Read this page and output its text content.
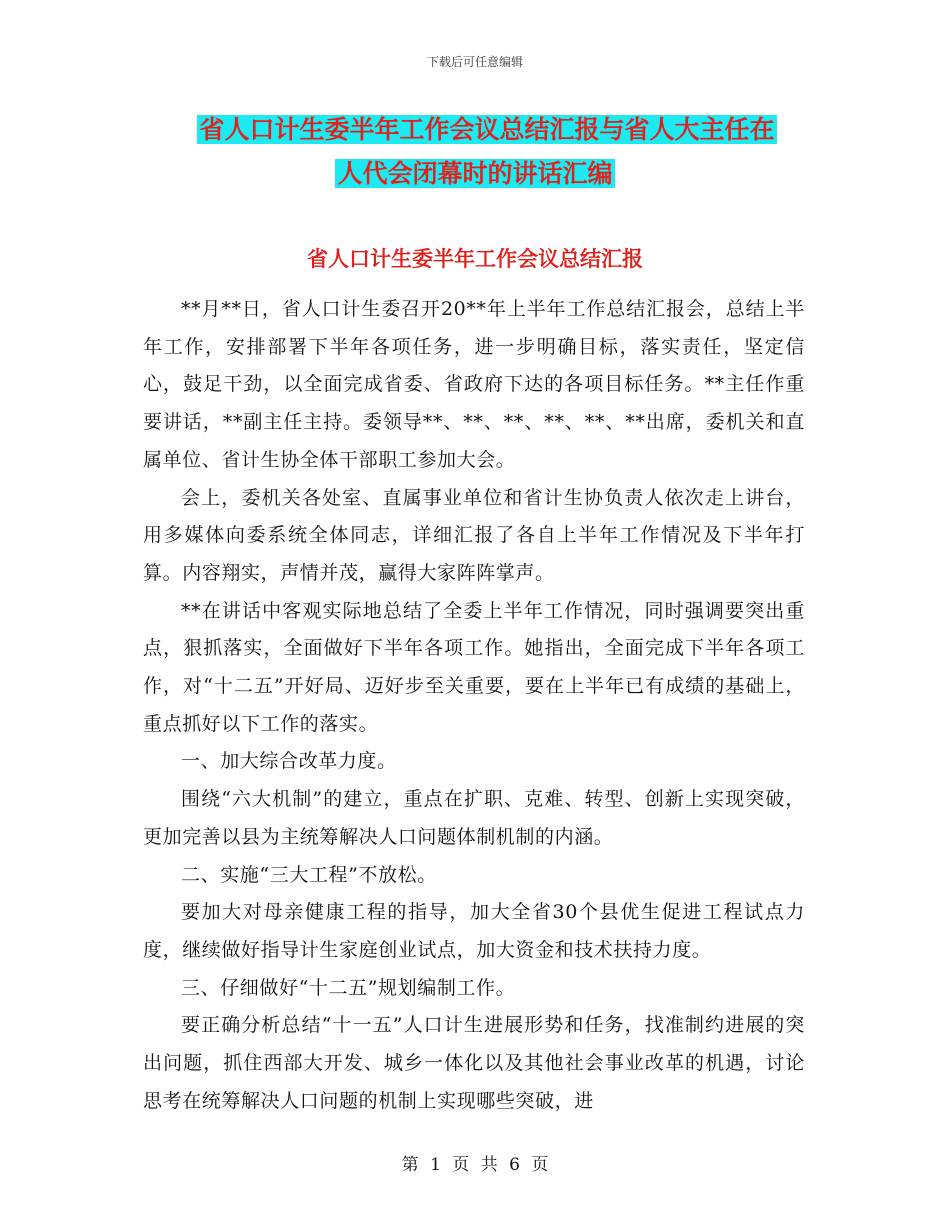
下载后可任意编辑
省人口计生委半年工作会议总结汇报与省人大主任在
人代会闭幕时的讲话汇编
省人口计生委半年工作会议总结汇报

**月**日，省人口计生委召开20**年上半年工作总结汇报会，总结上半年工作，安排部署下半年各项任务，进一步明确目标，落实责任，坚定信心，鼓足干劲，以全面完成省委、省政府下达的各项目标任务。**主任作重要讲话，**副主任主持。委领导**、**、**、**、**、**出席，委机关和直属单位、省计生协全体干部职工参加大会。

会上，委机关各处室、直属事业单位和省计生协负责人依次走上讲台，用多媒体向委系统全体同志，详细汇报了各自上半年工作情况及下半年打算。内容翔实，声情并茂，赢得大家阵阵掌声。

**在讲话中客观实际地总结了全委上半年工作情况，同时强调要突出重点，狠抓落实，全面做好下半年各项工作。她指出，全面完成下半年各项工作，对“十二五”开好局、迈好步至关重要，要在上半年已有成绩的基础上，重点抓好以下工作的落实。

一、加大综合改革力度。

围绕“六大机制”的建立，重点在扩职、克难、转型、创新上实现突破，更加完善以县为主统筹解决人口问题体制机制的内涵。

二、实施“三大工程”不放松。

要加大对母亲健康工程的指导，加大全省30个县优生促进工程试点力度，继续做好指导计生家庭创业试点，加大资金和技术扶持力度。

三、仔细做好“十二五”规划编制工作。

要正确分析总结“十一五”人口计生进展形势和任务，找准制约进展的突出问题，抓住西部大开发、城乡一体化以及其他社会事业改革的机遇，讨论思考在统筹解决人口问题的机制上实现哪些突破，进

第 1 页 共 6 页
